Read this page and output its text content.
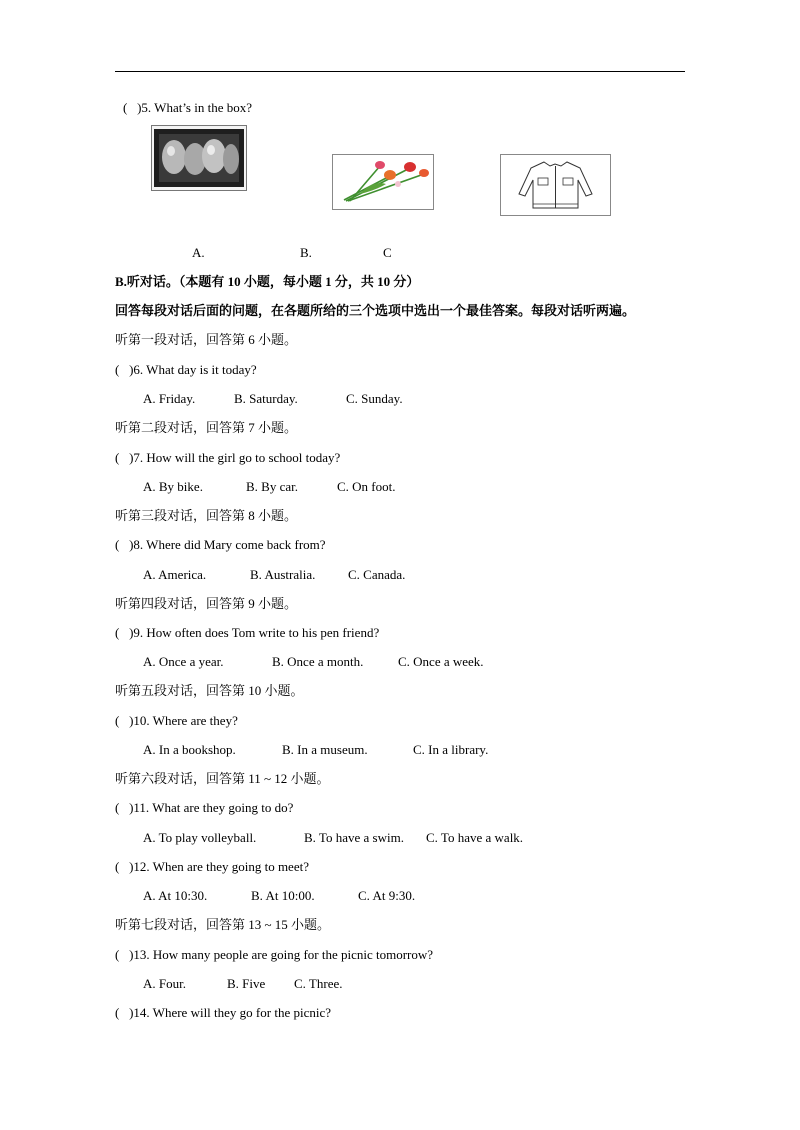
(   )5. What’s in the box?
A.	B.	C
B.听对话。（本题有 10 小题，每小题 1 分，共 10 分）
回答每段对话后面的问题，在各题所给的三个选项中选出一个最佳答案。每段对话听两遍。
听第一段对话，回答第 6 小题。
(   )6. What day is it today?
A. Friday.	B. Saturday.	C. Sunday.
听第二段对话，回答第 7 小题。
(   )7. How will the girl go to school today?
A. By bike.	B. By car.	C. On foot.
听第三段对话，回答第 8 小题。
(   )8. Where did Mary come back from?
A. America.	B. Australia.	C. Canada.
听第四段对话，回答第 9 小题。
(   )9. How often does Tom write to his pen friend?
A. Once a year.	B. Once a month.	C. Once a week.
听第五段对话，回答第 10 小题。
(   )10. Where are they?
A. In a bookshop.	B. In a museum.	C. In a library.
听第六段对话，回答第 11 ~ 12 小题。
(   )11. What are they going to do?
A. To play volleyball.	B. To have a swim. C. To have a walk.
(   )12. When are they going to meet?
A. At 10:30.	B. At 10:00.	C. At 9:30.
听第七段对话，回答第 13 ~ 15 小题。
(   )13. How many people are going for the picnic tomorrow?
A. Four.	B. Five C. Three.
(   )14. Where will they go for the picnic?
